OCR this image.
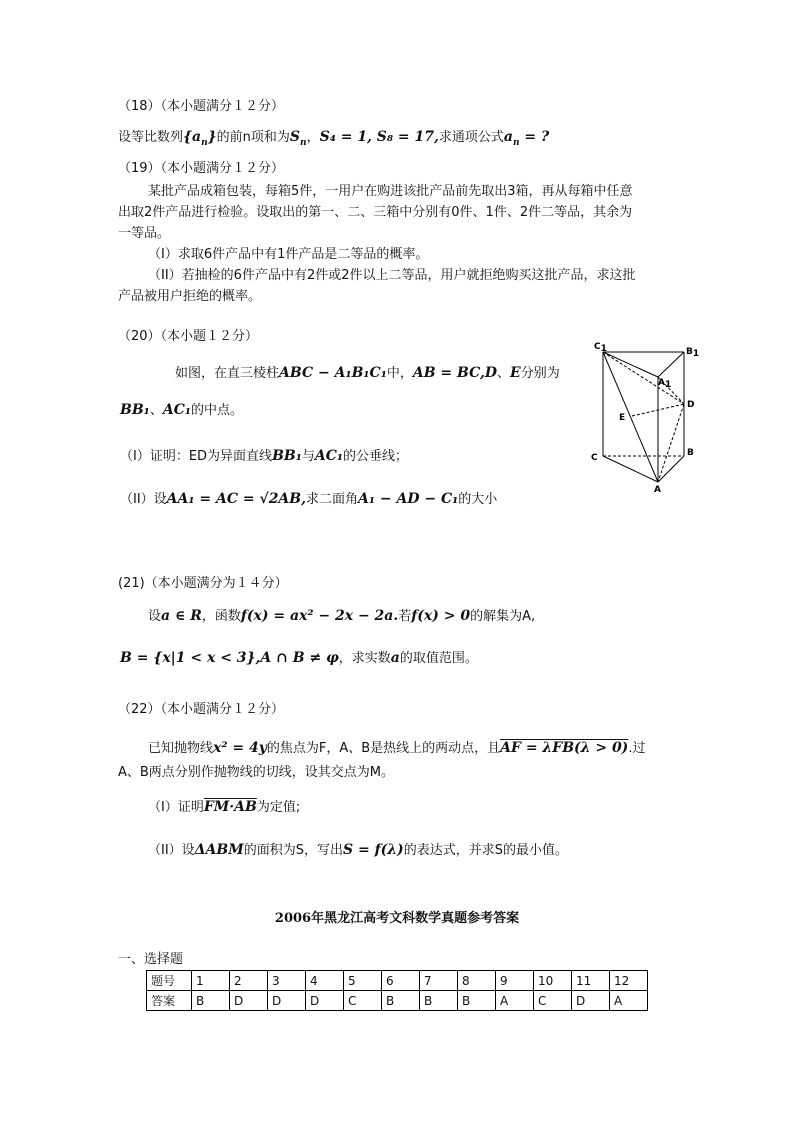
（18）（本小题满分１２分）
设等比数列$\{a_n\}$的前n项和为$S_n$，S₄ = 1, S₈ = 17,求通项公式$a_n$ = ?
（19）（本小题满分１２分）
某批产品成箱包装，每箱5件，一用户在购进该批产品前先取出3箱，再从每箱中任意
出取2件产品进行检验。设取出的第一、二、三箱中分别有0件、1件、2件二等品，其余为
一等品。
（I）求取6件产品中有1件产品是二等品的概率。
（II）若抽检的6件产品中有2件或2件以上二等品，用户就拒绝购买这批产品，求这批
产品被用户拒绝的概率。
（20）（本小题１２分）
如图，在直三棱柱ABC − A₁B₁C₁中，AB = BC,D、E分别为
BB₁、AC₁的中点。
（I）证明：ED为异面直线BB₁与AC₁的公垂线；
（II）设AA₁ = AC = √2AB,求二面角A₁ − AD − C₁的大小
C1	B1
A1
D
E
C	B
A
(21)（本小题满分为１４分）
设a ∈ R，函数f(x) = ax² − 2x − 2a.若f(x) > 0的解集为A,
B = {x|1 < x < 3},A ∩ B ≠ φ，求实数a的取值范围。
（22）（本小题满分１２分）
已知抛物线x² = 4y的焦点为F，A、B是热线上的两动点，且AF = λFB(λ > 0).过
A、B两点分别作抛物线的切线，设其交点为M。
（I）证明FM·AB为定值;
（II）设ΔABM的面积为S，写出S = f(λ)的表达式，并求S的最小值。
2006年黑龙江高考文科数学真题参考答案
一、选择题
题号	1	2	3	4	5	6	7	8	9	10	11	12
答案	B	D	D	D	C	B	B	B	A	C	D	A
